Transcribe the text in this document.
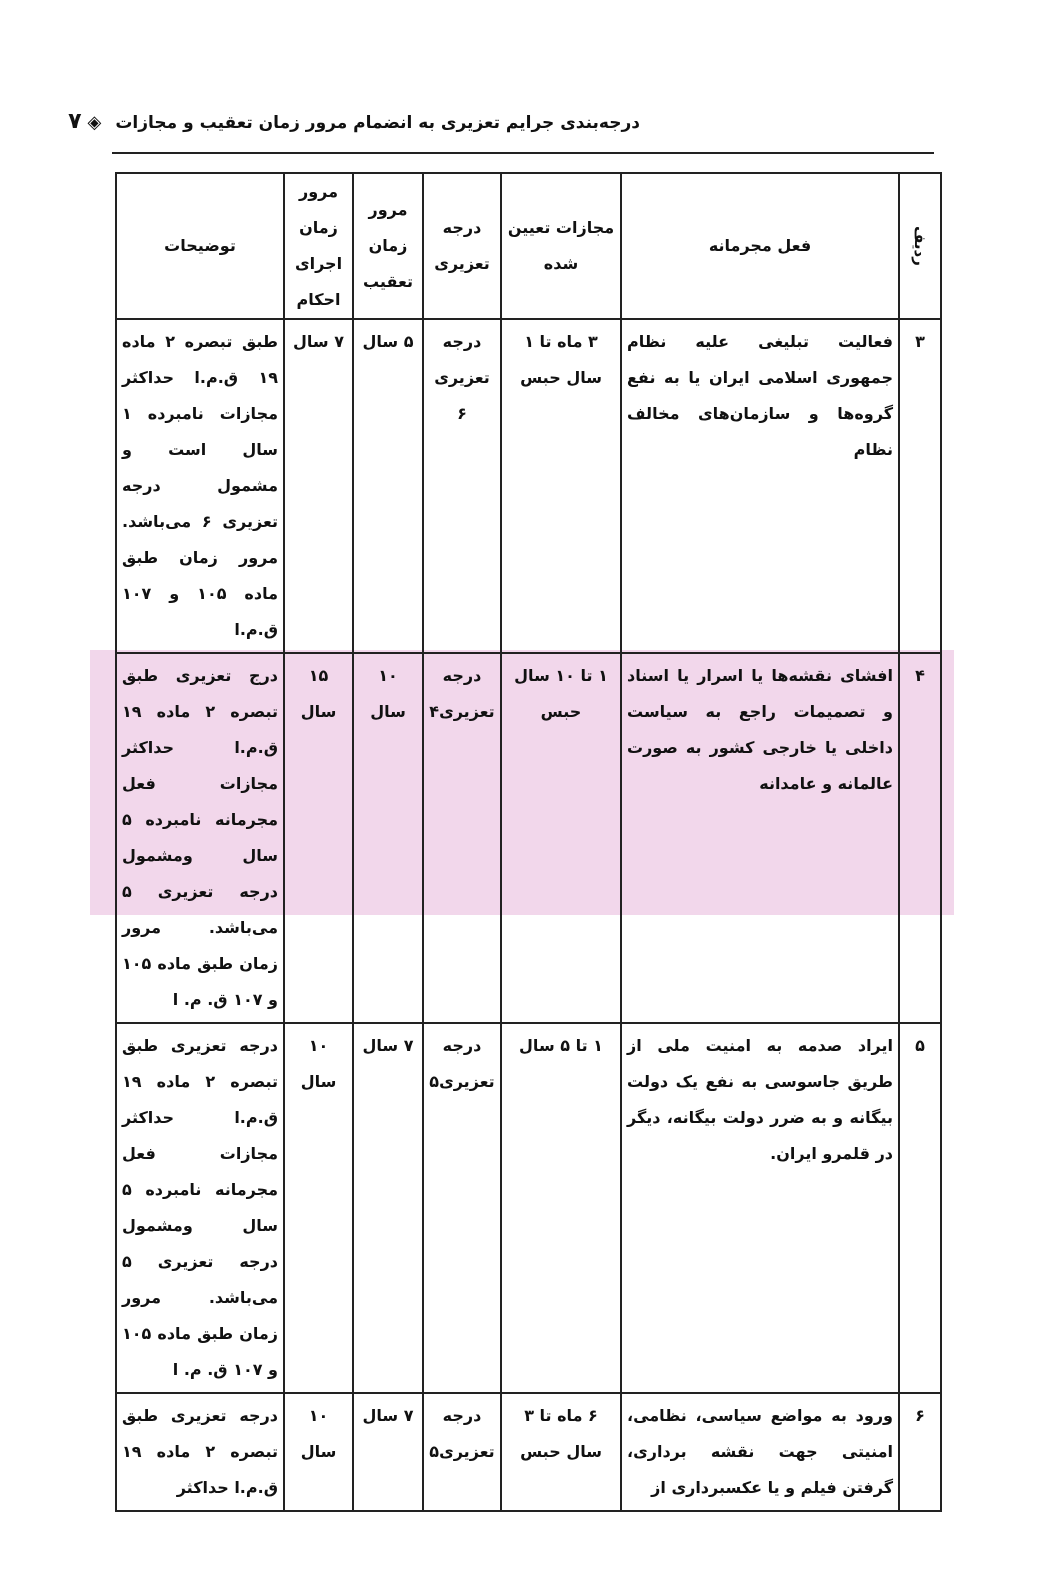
۷ ◈ درجه‌بندی جرایم تعزیری به انضمام مرور زمان تعقیب و مجازات
ردیف	فعل مجرمانه	مجازات تعیین شده	درجه تعزیری	مرور زمان تعقیب	مرور زمان اجرای احکام	توضیحات
۳	فعالیت تبلیغی علیه نظام جمهوری اسلامی ایران یا به نفع گروه‌ها و سازمان‌های مخالف نظام	۳ ماه تا ۱ سال حبس	درجه تعزیری ۶	۵ سال	۷ سال	طبق تبصره ۲ ماده ۱۹ ق.م.ا حداکثر مجازات نامبرده ۱ سال است و مشمول درجه تعزیری ۶ می‌باشد. مرور زمان طبق ماده ۱۰۵ و ۱۰۷ ق.م.ا
۴	افشای نقشه‌ها یا اسرار یا اسناد و تصمیمات راجع به سیاست داخلی یا خارجی کشور به صورت عالمانه و عامدانه	۱ تا ۱۰ سال حبس	درجه تعزیری۴	۱۰ سال	۱۵ سال	درج تعزیری طبق تبصره ۲ ماده ۱۹ ق.م.ا حداکثر مجازات فعل مجرمانه نامبرده ۵ سال ومشمول درجه تعزیری ۵ می‌باشد. مرور زمان طبق ماده ۱۰۵ و ۱۰۷ ق. م. ا
۵	ایراد صدمه به امنیت ملی از طریق جاسوسی به نفع یک دولت بیگانه و به ضرر دولت بیگانه، دیگر در قلمرو ایران.	۱ تا ۵ سال	درجه تعزیری۵	۷ سال	۱۰ سال	درجه تعزیری طبق تبصره ۲ ماده ۱۹ ق.م.ا حداکثر مجازات فعل مجرمانه نامبرده ۵ سال ومشمول درجه تعزیری ۵ می‌باشد. مرور زمان طبق ماده ۱۰۵ و ۱۰۷ ق. م. ا
۶	ورود به مواضع سیاسی، نظامی، امنیتی جهت نقشه برداری، گرفتن فیلم و یا عکسبرداری از	۶ ماه تا ۳ سال حبس	درجه تعزیری۵	۷ سال	۱۰ سال	درجه تعزیری طبق تبصره ۲ ماده ۱۹ ق.م.ا حداکثر
